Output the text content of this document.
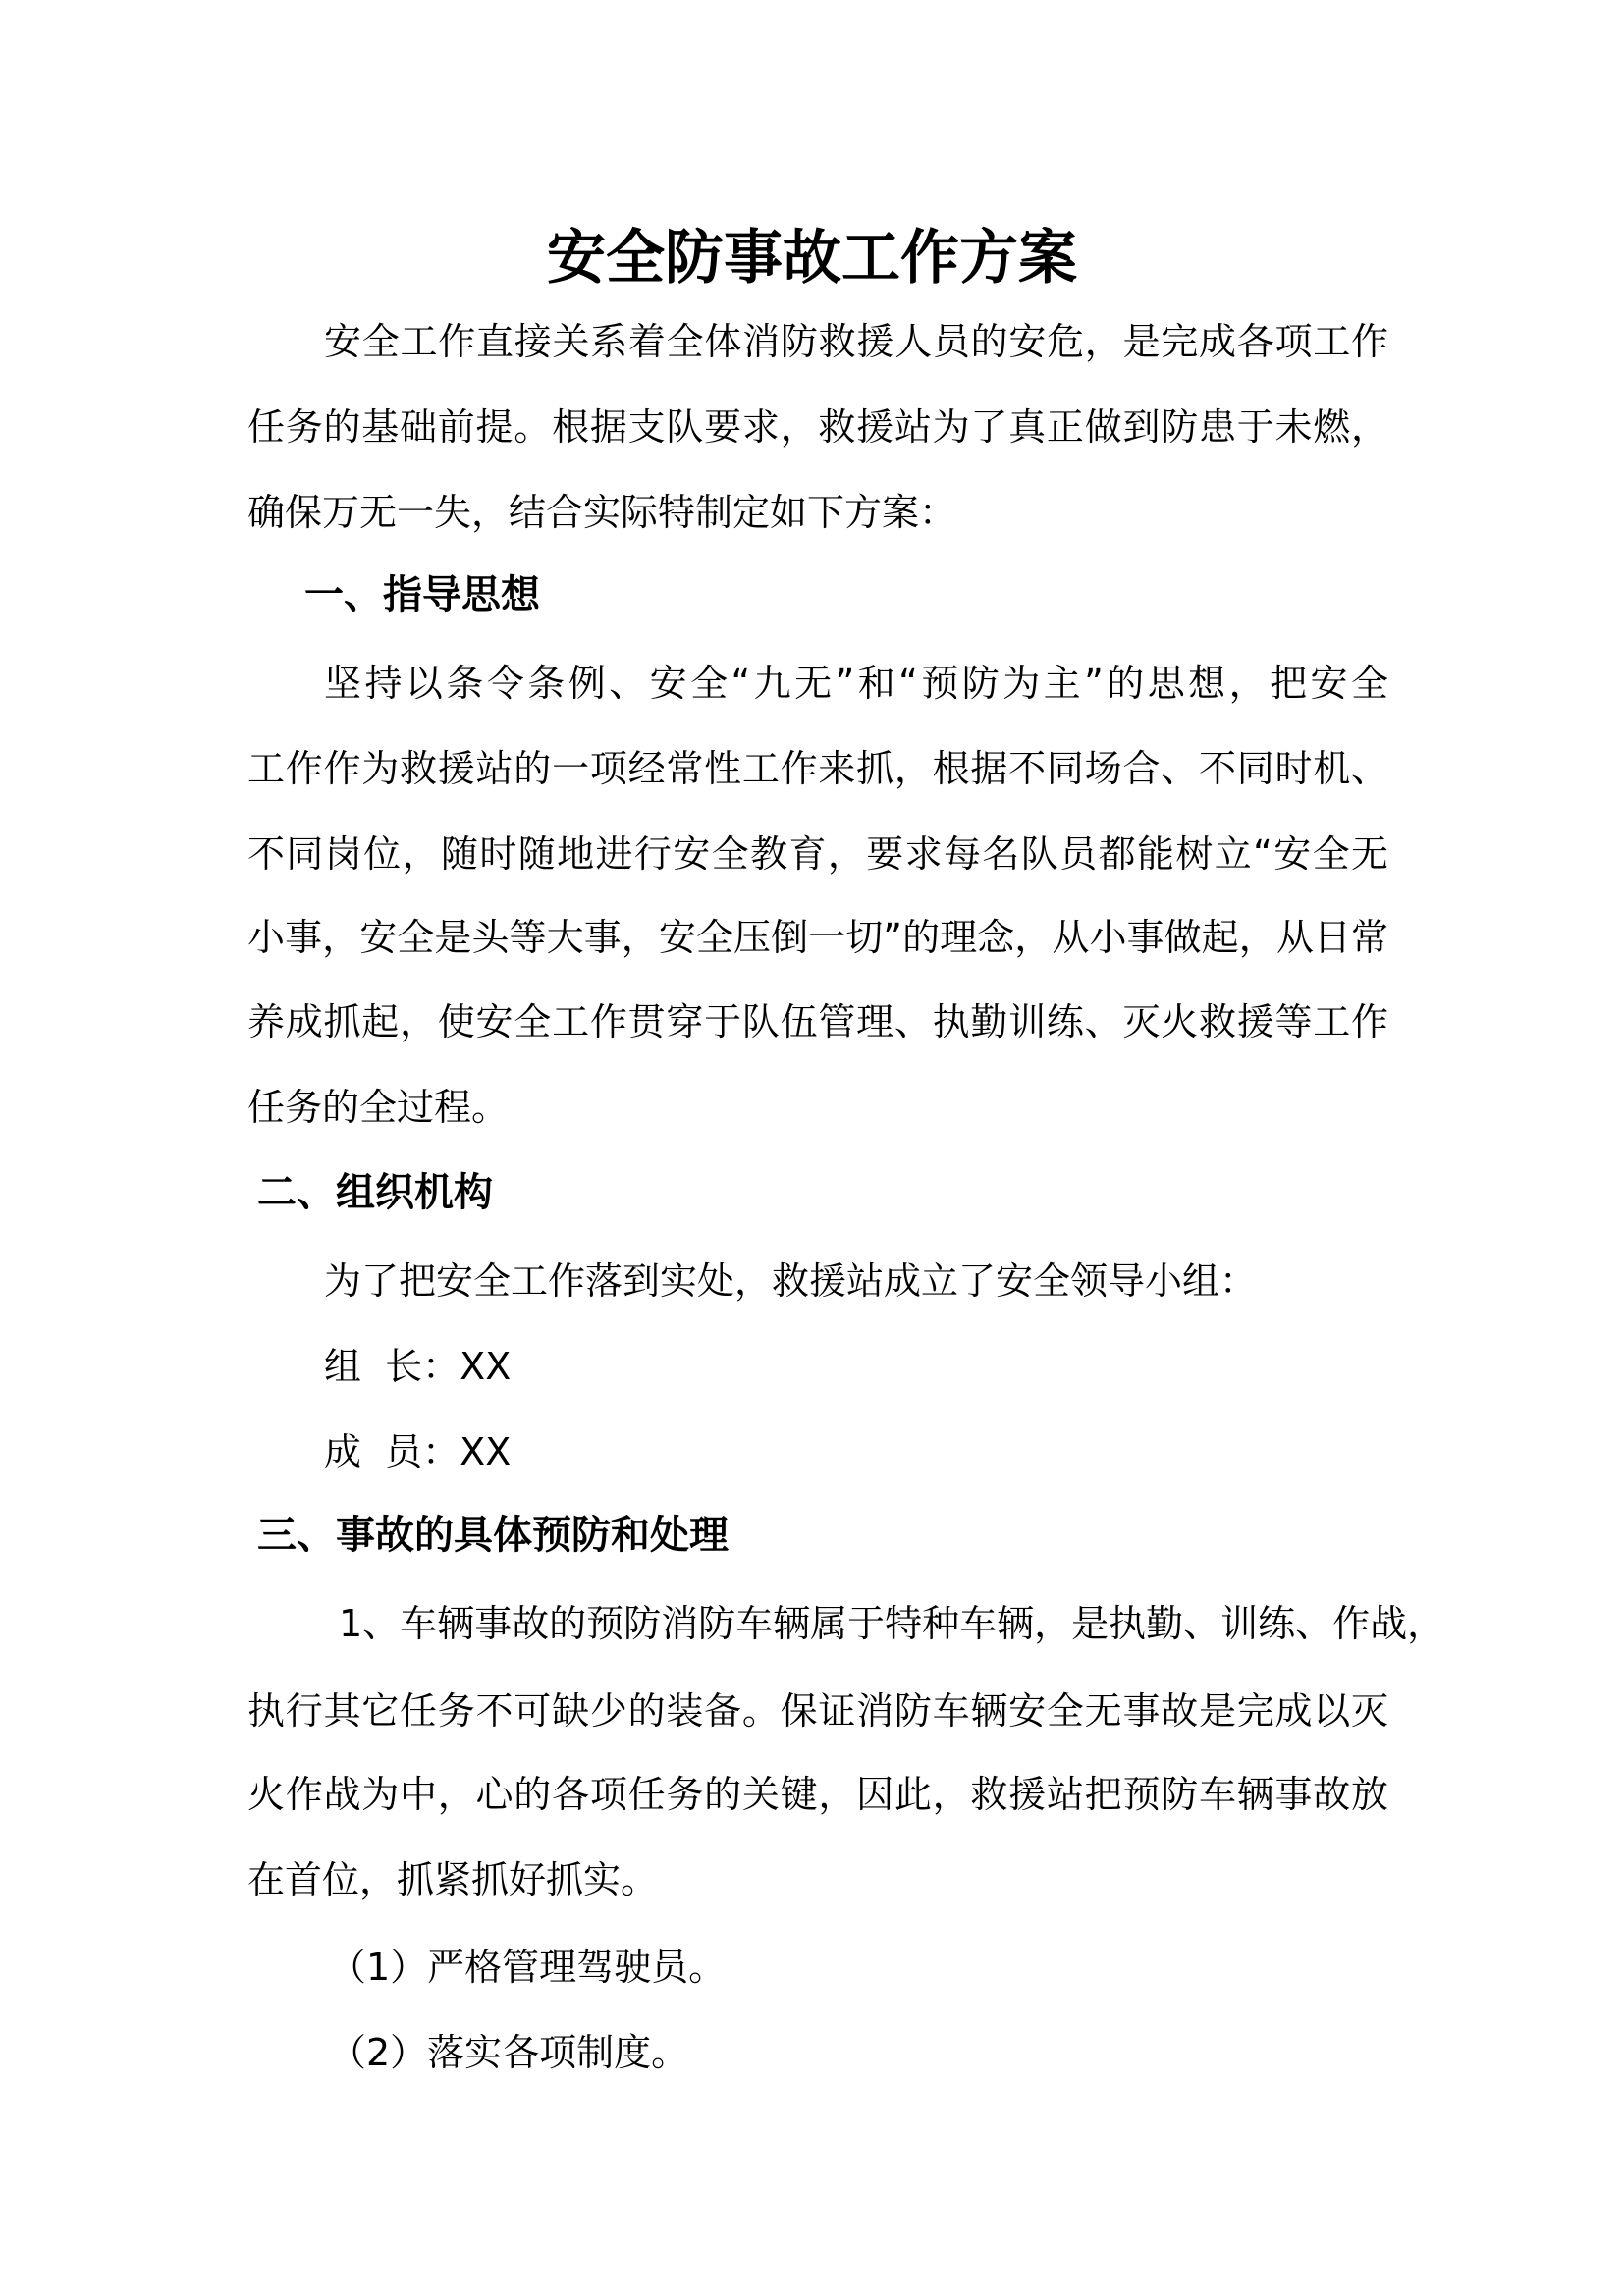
安全防事故工作方案
安全工作直接关系着全体消防救援人员的安危，是完成各项工作
任务的基础前提。根据支队要求，救援站为了真正做到防患于未燃，
确保万无一失，结合实际特制定如下方案：
一、指导思想
坚持以条令条例、安全“九无”和“预防为主”的思想，把安全
工作作为救援站的一项经常性工作来抓，根据不同场合、不同时机、
不同岗位，随时随地进行安全教育，要求每名队员都能树立“安全无
小事，安全是头等大事，安全压倒一切”的理念，从小事做起，从日常
养成抓起，使安全工作贯穿于队伍管理、执勤训练、灭火救援等工作
任务的全过程。
二、组织机构
为了把安全工作落到实处，救援站成立了安全领导小组：
组  长：XX
成  员：XX
三、事故的具体预防和处理
1、车辆事故的预防消防车辆属于特种车辆，是执勤、训练、作战，
执行其它任务不可缺少的装备。保证消防车辆安全无事故是完成以灭
火作战为中，心的各项任务的关键，因此，救援站把预防车辆事故放
在首位，抓紧抓好抓实。
（1）严格管理驾驶员。
（2）落实各项制度。
